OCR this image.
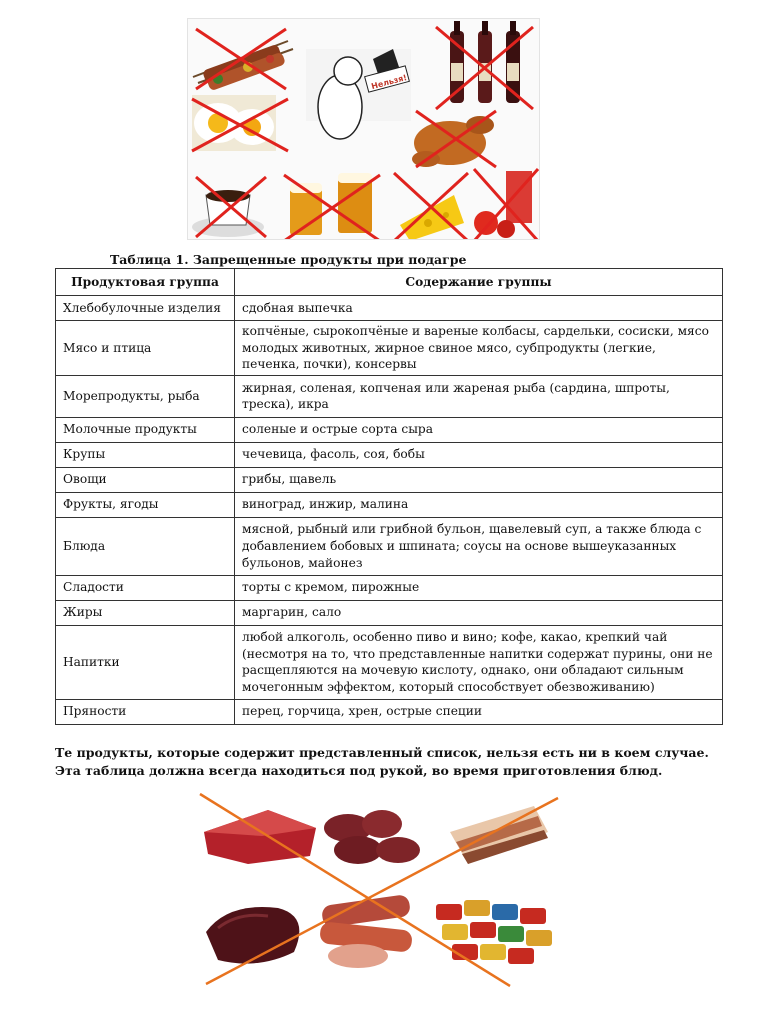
Нельзя!
Таблица 1. Запрещенные продукты при подагре
Продуктовая группа	Содержание группы
Хлебобулочные изделия	сдобная выпечка
Мясо и птица	копчёные, сырокопчёные и вареные колбасы, сардельки, сосиски, мясо молодых животных, жирное свиное мясо, субпродукты (легкие, печенка, почки), консервы
Морепродукты, рыба	жирная, соленая, копченая или жареная рыба (сардина, шпроты, треска), икра
Молочные продукты	соленые и острые сорта сыра
Крупы	чечевица, фасоль, соя, бобы
Овощи	грибы, щавель
Фрукты, ягоды	виноград, инжир, малина
Блюда	мясной, рыбный или грибной бульон, щавелевый суп, а также блюда с добавлением бобовых и шпината; соусы на основе вышеуказанных бульонов, майонез
Сладости	торты с кремом, пирожные
Жиры	маргарин, сало
Напитки	любой алкоголь, особенно пиво и вино; кофе, какао, крепкий чай (несмотря на то, что представленные напитки содержат пурины, они не расщепляются на мочевую кислоту, однако, они обладают сильным мочегонным эффектом, который способствует обезвоживанию)
Пряности	перец, горчица, хрен, острые специи
Те продукты, которые содержит представленный список, нельзя есть ни в коем случае. Эта таблица должна всегда находиться под рукой, во время приготовления блюд.
